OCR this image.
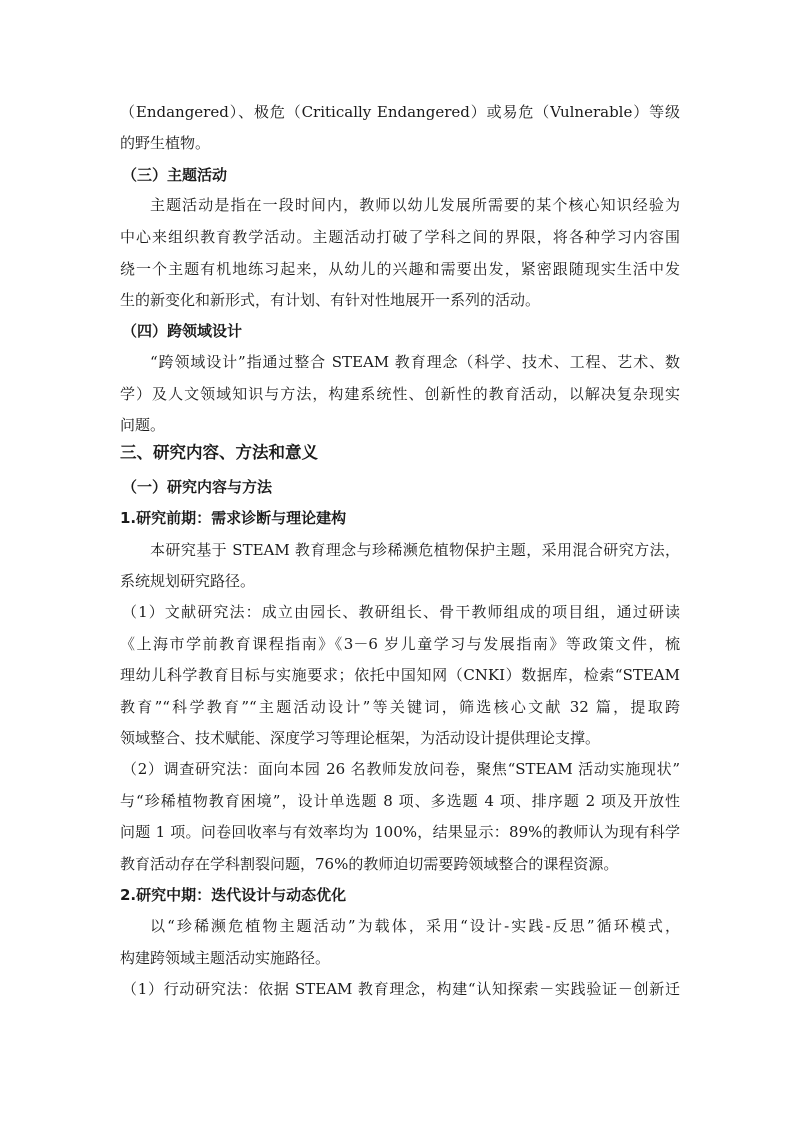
（Endangered）、极危（Critically Endangered）或易危（Vulnerable）等级
的野生植物。
（三）主题活动
主题活动是指在一段时间内，教师以幼儿发展所需要的某个核心知识经验为
中心来组织教育教学活动。主题活动打破了学科之间的界限，将各种学习内容围
绕一个主题有机地练习起来，从幼儿的兴趣和需要出发，紧密跟随现实生活中发
生的新变化和新形式，有计划、有针对性地展开一系列的活动。
（四）跨领域设计
“跨领域设计”指通过整合 STEAM 教育理念（科学、技术、工程、艺术、数
学）及人文领域知识与方法，构建系统性、创新性的教育活动，以解决复杂现实
问题。
三、研究内容、方法和意义
（一）研究内容与方法
1.研究前期：需求诊断与理论建构
本研究基于 STEAM 教育理念与珍稀濒危植物保护主题，采用混合研究方法，
系统规划研究路径。
（1）文献研究法：成立由园长、教研组长、骨干教师组成的项目组，通过研读
《上海市学前教育课程指南》《3－6 岁儿童学习与发展指南》等政策文件，梳
理幼儿科学教育目标与实施要求；依托中国知网（CNKI）数据库，检索“STEAM
教育”“科学教育”“主题活动设计”等关键词，筛选核心文献 32 篇，提取跨
领域整合、技术赋能、深度学习等理论框架，为活动设计提供理论支撑。
（2）调查研究法：面向本园 26 名教师发放问卷，聚焦“STEAM 活动实施现状”
与“珍稀植物教育困境”，设计单选题 8 项、多选题 4 项、排序题 2 项及开放性
问题 1 项。问卷回收率与有效率均为 100%，结果显示：89%的教师认为现有科学
教育活动存在学科割裂问题，76%的教师迫切需要跨领域整合的课程资源。
2.研究中期：迭代设计与动态优化
以“珍稀濒危植物主题活动”为载体，采用“设计-实践-反思”循环模式，
构建跨领域主题活动实施路径。
（1）行动研究法：依据 STEAM 教育理念，构建“认知探索－实践验证－创新迁
